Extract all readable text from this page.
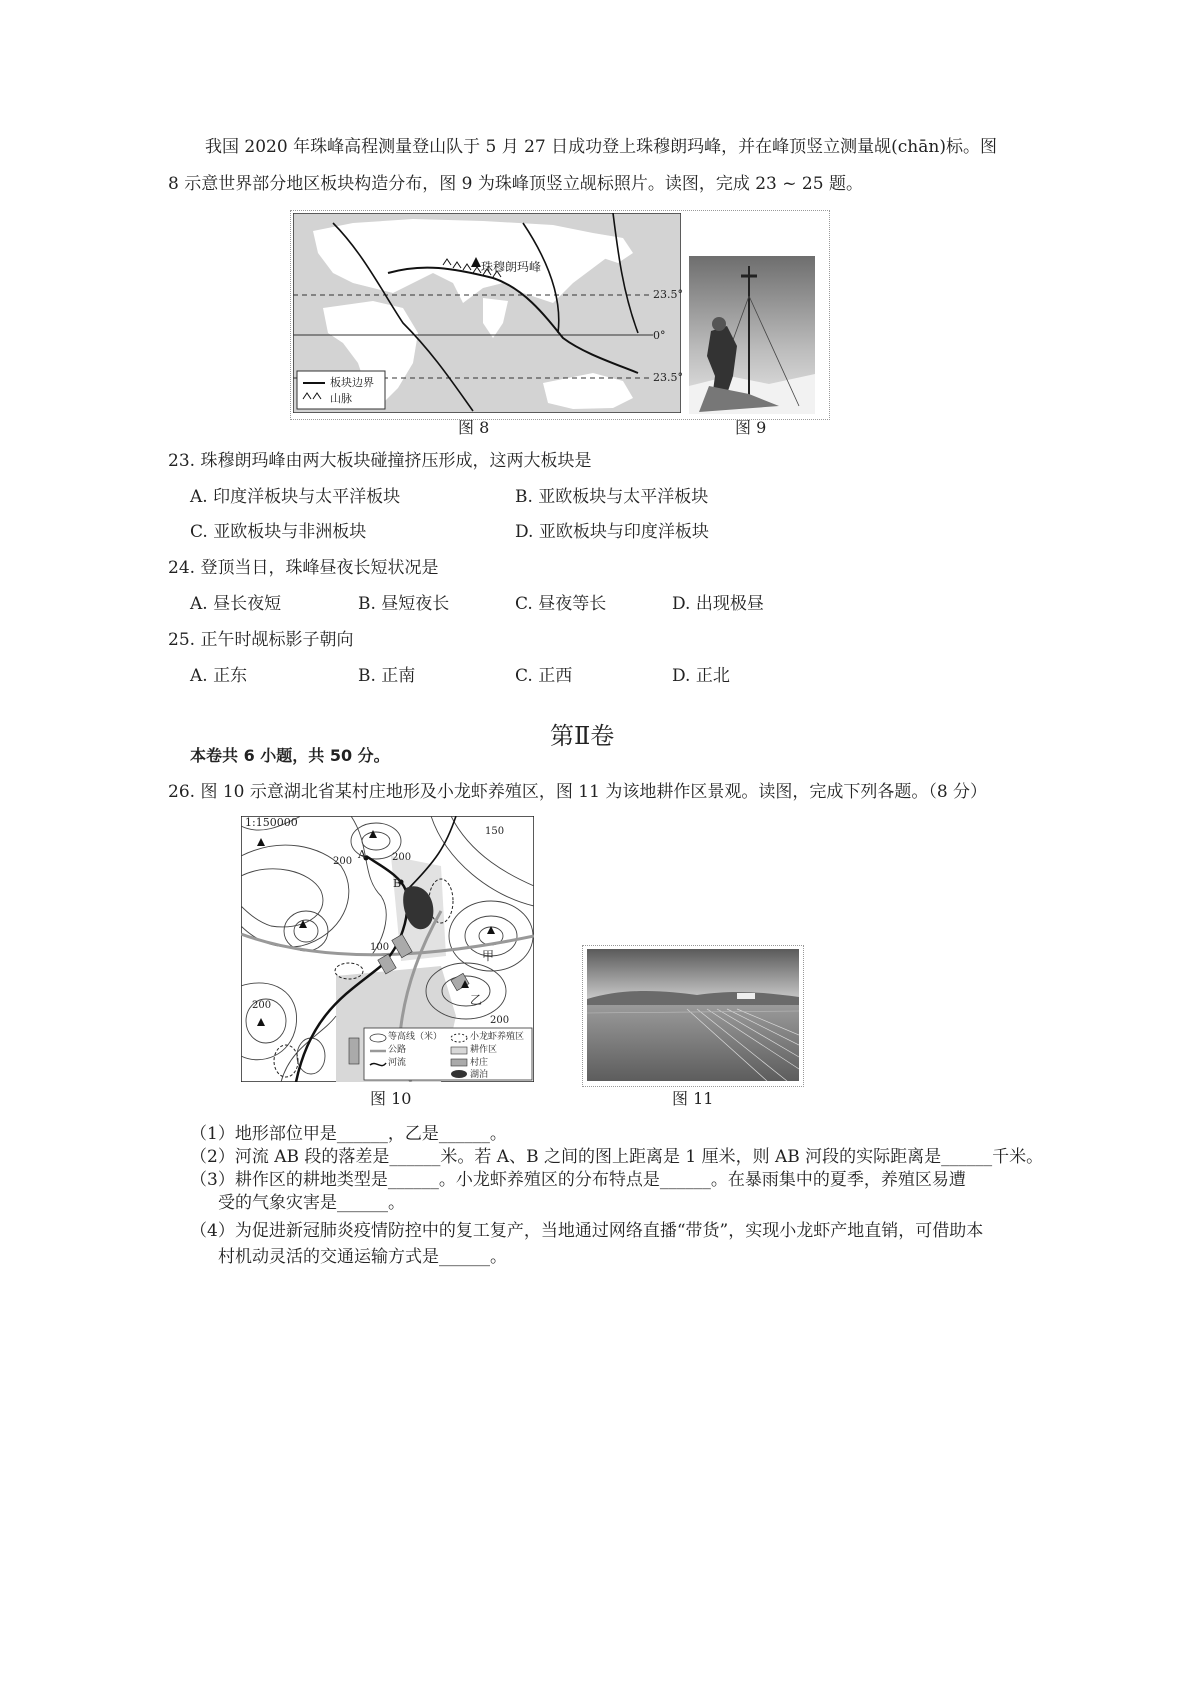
我国 2020 年珠峰高程测量登山队于 5 月 27 日成功登上珠穆朗玛峰，并在峰顶竖立测量觇(chān)标。图
8 示意世界部分地区板块构造分布，图 9 为珠峰顶竖立觇标照片。读图，完成 23 ~ 25 题。
珠穆朗玛峰
23.5°
0°
23.5°
板块边界
山脉
图 8	图 9
23. 珠穆朗玛峰由两大板块碰撞挤压形成，这两大板块是
A. 印度洋板块与太平洋板块	B. 亚欧板块与太平洋板块
C. 亚欧板块与非洲板块	D. 亚欧板块与印度洋板块
24. 登顶当日，珠峰昼夜长短状况是
A. 昼长夜短	B. 昼短夜长	C. 昼夜等长	D. 出现极昼
25. 正午时觇标影子朝向
A. 正东	B. 正南	C. 正西	D. 正北
第Ⅱ卷
本卷共 6 小题，共 50 分。
26. 图 10 示意湖北省某村庄地形及小龙虾养殖区，图 11 为该地耕作区景观。读图，完成下列各题。（8 分）
1:150000
A
B
甲
乙
200
200
200
200
100
150
等高线（米）	小龙虾养殖区
公路	耕作区
河流	村庄
湖泊
图 10	图 11
（1）地形部位甲是______，乙是______。
（2）河流 AB 段的落差是______米。若 A、B 之间的图上距离是 1 厘米，则 AB 河段的实际距离是______千米。
（3）耕作区的耕地类型是______。小龙虾养殖区的分布特点是______。在暴雨集中的夏季，养殖区易遭
受的气象灾害是______。
（4）为促进新冠肺炎疫情防控中的复工复产，当地通过网络直播“带货”，实现小龙虾产地直销，可借助本
村机动灵活的交通运输方式是______。
